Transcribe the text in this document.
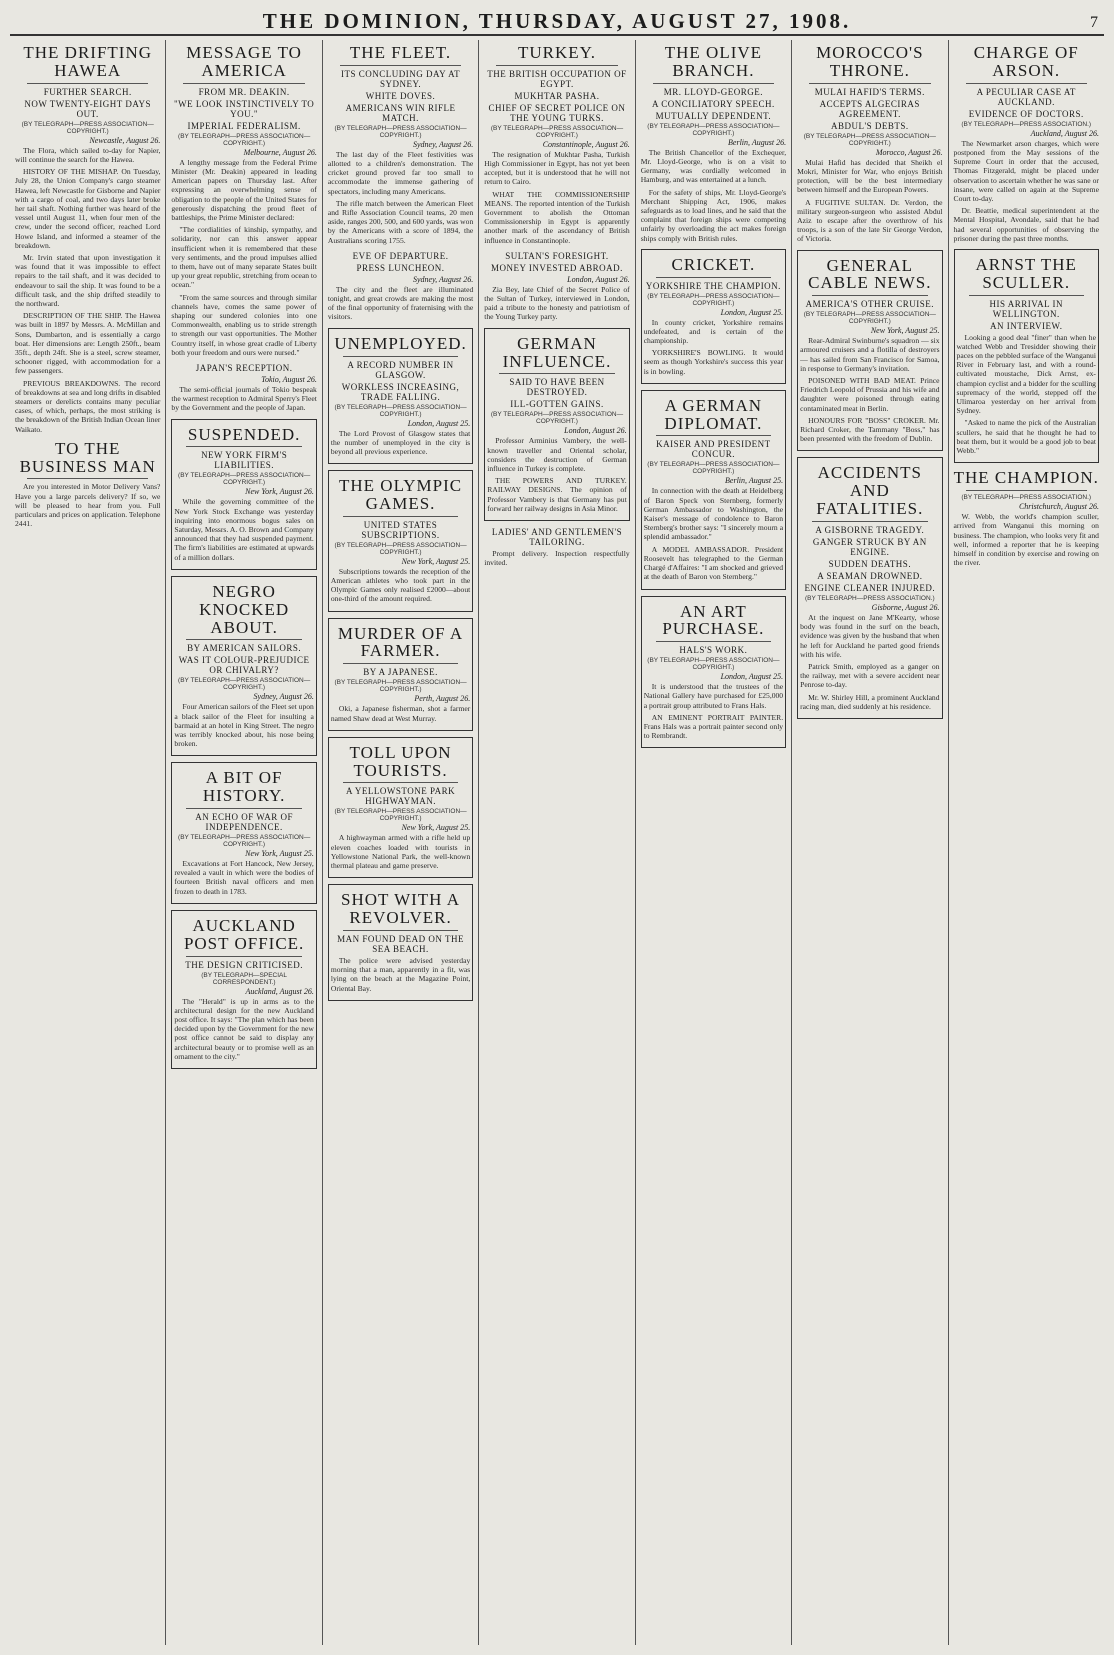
THE DOMINION, THURSDAY, AUGUST 27, 1908.	7
THE DRIFTING HAWEA
FURTHER SEARCH.
NOW TWENTY-EIGHT DAYS OUT.
(BY TELEGRAPH—PRESS ASSOCIATION—COPYRIGHT.)
Newcastle, August 26.

The Flora, which sailed to-day for Napier, will continue the search for the Hawea.

HISTORY OF THE MISHAP. On Tuesday, July 28, the Union Company's cargo steamer Hawea, left Newcastle for Gisborne and Napier with a cargo of coal, and two days later broke her tail shaft. Nothing further was heard of the vessel until August 11, when four men of the crew, under the second officer, reached Lord Howe Island, and informed a steamer of the breakdown.

Mr. Irvin stated that upon investigation it was found that it was impossible to effect repairs to the tail shaft, and it was decided to endeavour to sail the ship. It was found to be a difficult task, and the ship drifted steadily to the northward.

DESCRIPTION OF THE SHIP. The Hawea was built in 1897 by Messrs. A. McMillan and Sons, Dumbarton, and is essentially a cargo boat. Her dimensions are: Length 250ft., beam 35ft., depth 24ft. She is a steel, screw steamer, schooner rigged, with accommodation for a few passengers.

PREVIOUS BREAKDOWNS. The record of breakdowns at sea and long drifts in disabled steamers or derelicts contains many peculiar cases, of which, perhaps, the most striking is the breakdown of the British Indian Ocean liner Waikato.

TO THE BUSINESS MAN

Are you interested in Motor Delivery Vans? Have you a large parcels delivery? If so, we will be pleased to hear from you. Full particulars and prices on application. Telephone 2441.

MESSAGE TO AMERICA
FROM MR. DEAKIN.
"WE LOOK INSTINCTIVELY TO YOU."
IMPERIAL FEDERALISM.
(BY TELEGRAPH—PRESS ASSOCIATION—COPYRIGHT.)
Melbourne, August 26.

A lengthy message from the Federal Prime Minister (Mr. Deakin) appeared in leading American papers on Thursday last. After expressing an overwhelming sense of obligation to the people of the United States for generously dispatching the proud fleet of battleships, the Prime Minister declared:

"The cordialities of kinship, sympathy, and solidarity, nor can this answer appear insufficient when it is remembered that these very sentiments, and the proud impulses allied to them, have out of many separate States built up your great republic, stretching from ocean to ocean."

"From the same sources and through similar channels have, comes the same power of shaping our sundered colonies into one Commonwealth, enabling us to stride strength to strength our vast opportunities. The Mother Country itself, in whose great cradle of Liberty both your freedom and ours were nursed."

JAPAN'S RECEPTION.
Tokio, August 26.

The semi-official journals of Tokio bespeak the warmest reception to Admiral Sperry's Fleet by the Government and the people of Japan.

SUSPENDED.
NEW YORK FIRM'S LIABILITIES.
(BY TELEGRAPH—PRESS ASSOCIATION—COPYRIGHT.)
New York, August 26.

While the governing committee of the New York Stock Exchange was yesterday inquiring into enormous bogus sales on Saturday, Messrs. A. O. Brown and Company announced that they had suspended payment. The firm's liabilities are estimated at upwards of a million dollars.

NEGRO KNOCKED ABOUT.
BY AMERICAN SAILORS.
WAS IT COLOUR-PREJUDICE OR CHIVALRY?
(BY TELEGRAPH—PRESS ASSOCIATION—COPYRIGHT.)
Sydney, August 26.

Four American sailors of the Fleet set upon a black sailor of the Fleet for insulting a barmaid at an hotel in King Street. The negro was terribly knocked about, his nose being broken.

A BIT OF HISTORY.
AN ECHO OF WAR OF INDEPENDENCE.
(BY TELEGRAPH—PRESS ASSOCIATION—COPYRIGHT.)
New York, August 25.

Excavations at Fort Hancock, New Jersey, revealed a vault in which were the bodies of fourteen British naval officers and men frozen to death in 1783.

AUCKLAND POST OFFICE.
THE DESIGN CRITICISED.
(BY TELEGRAPH—SPECIAL CORRESPONDENT.)
Auckland, August 26.

The "Herald" is up in arms as to the architectural design for the new Auckland post office. It says: "The plan which has been decided upon by the Government for the new post office cannot be said to display any architectural beauty or to promise well as an ornament to the city."

THE FLEET.
ITS CONCLUDING DAY AT SYDNEY.
WHITE DOVES.
AMERICANS WIN RIFLE MATCH.
(BY TELEGRAPH—PRESS ASSOCIATION—COPYRIGHT.)
Sydney, August 26.

The last day of the Fleet festivities was allotted to a children's demonstration. The cricket ground proved far too small to accommodate the immense gathering of spectators, including many Americans.

The rifle match between the American Fleet and Rifle Association Council teams, 20 men aside, ranges 200, 500, and 600 yards, was won by the Americans with a score of 1894, the Australians scoring 1755.

EVE OF DEPARTURE.
PRESS LUNCHEON.
Sydney, August 26.

The city and the fleet are illuminated tonight, and great crowds are making the most of the final opportunity of fraternising with the visitors.

UNEMPLOYED.
A RECORD NUMBER IN GLASGOW.
WORKLESS INCREASING, TRADE FALLING.
(BY TELEGRAPH—PRESS ASSOCIATION—COPYRIGHT.)
London, August 25.

The Lord Provost of Glasgow states that the number of unemployed in the city is beyond all previous experience.

THE OLYMPIC GAMES.
UNITED STATES SUBSCRIPTIONS.
(BY TELEGRAPH—PRESS ASSOCIATION—COPYRIGHT.)
New York, August 25.

Subscriptions towards the reception of the American athletes who took part in the Olympic Games only realised £2000—about one-third of the amount required.

MURDER OF A FARMER.
BY A JAPANESE.
(BY TELEGRAPH—PRESS ASSOCIATION—COPYRIGHT.)
Perth, August 26.

Oki, a Japanese fisherman, shot a farmer named Shaw dead at West Murray.

TOLL UPON TOURISTS.
A YELLOWSTONE PARK HIGHWAYMAN.
(BY TELEGRAPH—PRESS ASSOCIATION—COPYRIGHT.)
New York, August 25.

A highwayman armed with a rifle held up eleven coaches loaded with tourists in Yellowstone National Park, the well-known thermal plateau and game preserve.

SHOT WITH A REVOLVER.
MAN FOUND DEAD ON THE SEA BEACH.

The police were advised yesterday morning that a man, apparently in a fit, was lying on the beach at the Magazine Point, Oriental Bay.

TURKEY.
THE BRITISH OCCUPATION OF EGYPT.
MUKHTAR PASHA.
CHIEF OF SECRET POLICE ON THE YOUNG TURKS.
(BY TELEGRAPH—PRESS ASSOCIATION—COPYRIGHT.)
Constantinople, August 26.

The resignation of Mukhtar Pasha, Turkish High Commissioner in Egypt, has not yet been accepted, but it is understood that he will not return to Cairo.

WHAT THE COMMISSIONERSHIP MEANS. The reported intention of the Turkish Government to abolish the Ottoman Commissionership in Egypt is apparently another mark of the ascendancy of British influence in Constantinople.

SULTAN'S FORESIGHT.
MONEY INVESTED ABROAD.
London, August 26.

Zia Bey, late Chief of the Secret Police of the Sultan of Turkey, interviewed in London, paid a tribute to the honesty and patriotism of the Young Turkey party.

GERMAN INFLUENCE.
SAID TO HAVE BEEN DESTROYED.
ILL-GOTTEN GAINS.
(BY TELEGRAPH—PRESS ASSOCIATION—COPYRIGHT.)
London, August 26.

Professor Arminius Vambery, the well-known traveller and Oriental scholar, considers the destruction of German influence in Turkey is complete.

THE POWERS AND TURKEY. RAILWAY DESIGNS. The opinion of Professor Vambery is that Germany has put forward her railway designs in Asia Minor.

LADIES' AND GENTLEMEN'S TAILORING.

Prompt delivery. Inspection respectfully invited.

THE OLIVE BRANCH.
MR. LLOYD-GEORGE.
A CONCILIATORY SPEECH.
MUTUALLY DEPENDENT.
(BY TELEGRAPH—PRESS ASSOCIATION—COPYRIGHT.)
Berlin, August 26.

The British Chancellor of the Exchequer, Mr. Lloyd-George, who is on a visit to Germany, was cordially welcomed in Hamburg, and was entertained at a lunch.

For the safety of ships, Mr. Lloyd-George's Merchant Shipping Act, 1906, makes safeguards as to load lines, and he said that the complaint that foreign ships were competing unfairly by overloading the act makes foreign ships comply with British rules.

CRICKET.
YORKSHIRE THE CHAMPION.
(BY TELEGRAPH—PRESS ASSOCIATION—COPYRIGHT.)
London, August 25.

In county cricket, Yorkshire remains undefeated, and is certain of the championship.

YORKSHIRE'S BOWLING. It would seem as though Yorkshire's success this year is in bowling.

A GERMAN DIPLOMAT.
KAISER AND PRESIDENT CONCUR.
(BY TELEGRAPH—PRESS ASSOCIATION—COPYRIGHT.)
Berlin, August 25.

In connection with the death at Heidelberg of Baron Speck von Sternberg, formerly German Ambassador to Washington, the Kaiser's message of condolence to Baron Sternberg's brother says: "I sincerely mourn a splendid ambassador."

A MODEL AMBASSADOR. President Roosevelt has telegraphed to the German Chargé d'Affaires: "I am shocked and grieved at the death of Baron von Sternberg."

AN ART PURCHASE.
HALS'S WORK.
(BY TELEGRAPH—PRESS ASSOCIATION—COPYRIGHT.)
London, August 25.

It is understood that the trustees of the National Gallery have purchased for £25,000 a portrait group attributed to Frans Hals.

AN EMINENT PORTRAIT PAINTER. Frans Hals was a portrait painter second only to Rembrandt.

MOROCCO'S THRONE.
MULAI HAFID'S TERMS.
ACCEPTS ALGECIRAS AGREEMENT.
ABDUL'S DEBTS.
(BY TELEGRAPH—PRESS ASSOCIATION—COPYRIGHT.)
Morocco, August 26.

Mulai Hafid has decided that Sheikh el Mokri, Minister for War, who enjoys British protection, will be the best intermediary between himself and the European Powers.

A FUGITIVE SULTAN. Dr. Verdon, the military surgeon-surgeon who assisted Abdul Aziz to escape after the overthrow of his troops, is a son of the late Sir George Verdon, of Victoria.

GENERAL CABLE NEWS.
AMERICA'S OTHER CRUISE.
(BY TELEGRAPH—PRESS ASSOCIATION—COPYRIGHT.)
New York, August 25.

Rear-Admiral Swinburne's squadron — six armoured cruisers and a flotilla of destroyers — has sailed from San Francisco for Samoa, in response to Germany's invitation.

POISONED WITH BAD MEAT. Prince Friedrich Leopold of Prussia and his wife and daughter were poisoned through eating contaminated meat in Berlin.

HONOURS FOR "BOSS" CROKER. Mr. Richard Croker, the Tammany "Boss," has been presented with the freedom of Dublin.

ACCIDENTS AND FATALITIES.
A GISBORNE TRAGEDY.
GANGER STRUCK BY AN ENGINE.
SUDDEN DEATHS.
A SEAMAN DROWNED.
ENGINE CLEANER INJURED.
(BY TELEGRAPH—PRESS ASSOCIATION.)
Gisborne, August 26.

At the inquest on Jane M'Kearty, whose body was found in the surf on the beach, evidence was given by the husband that when he left for Auckland he parted good friends with his wife.

Patrick Smith, employed as a ganger on the railway, met with a severe accident near Penrose to-day.

Mr. W. Shirley Hill, a prominent Auckland racing man, died suddenly at his residence.

CHARGE OF ARSON.
A PECULIAR CASE AT AUCKLAND.
EVIDENCE OF DOCTORS.
(BY TELEGRAPH—PRESS ASSOCIATION.)
Auckland, August 26.

The Newmarket arson charges, which were postponed from the May sessions of the Supreme Court in order that the accused, Thomas Fitzgerald, might be placed under observation to ascertain whether he was sane or insane, were called on again at the Supreme Court to-day.

Dr. Beattie, medical superintendent at the Mental Hospital, Avondale, said that he had had several opportunities of observing the prisoner during the past three months.

ARNST THE SCULLER.
HIS ARRIVAL IN WELLINGTON.
AN INTERVIEW.

Looking a good deal "finer" than when he watched Webb and Tresidder showing their paces on the pebbled surface of the Wanganui River in February last, and with a round-cultivated moustache, Dick Arnst, ex-champion cyclist and a bidder for the sculling supremacy of the world, stepped off the Ulimaroa yesterday on her arrival from Sydney.

"Asked to name the pick of the Australian scullers, he said that he thought he had to beat them, but it would be a good job to beat Webb."

THE CHAMPION.
(BY TELEGRAPH—PRESS ASSOCIATION.)
Christchurch, August 26.

W. Webb, the world's champion sculler, arrived from Wanganui this morning on business. The champion, who looks very fit and well, informed a reporter that he is keeping himself in condition by exercise and rowing on the river.
